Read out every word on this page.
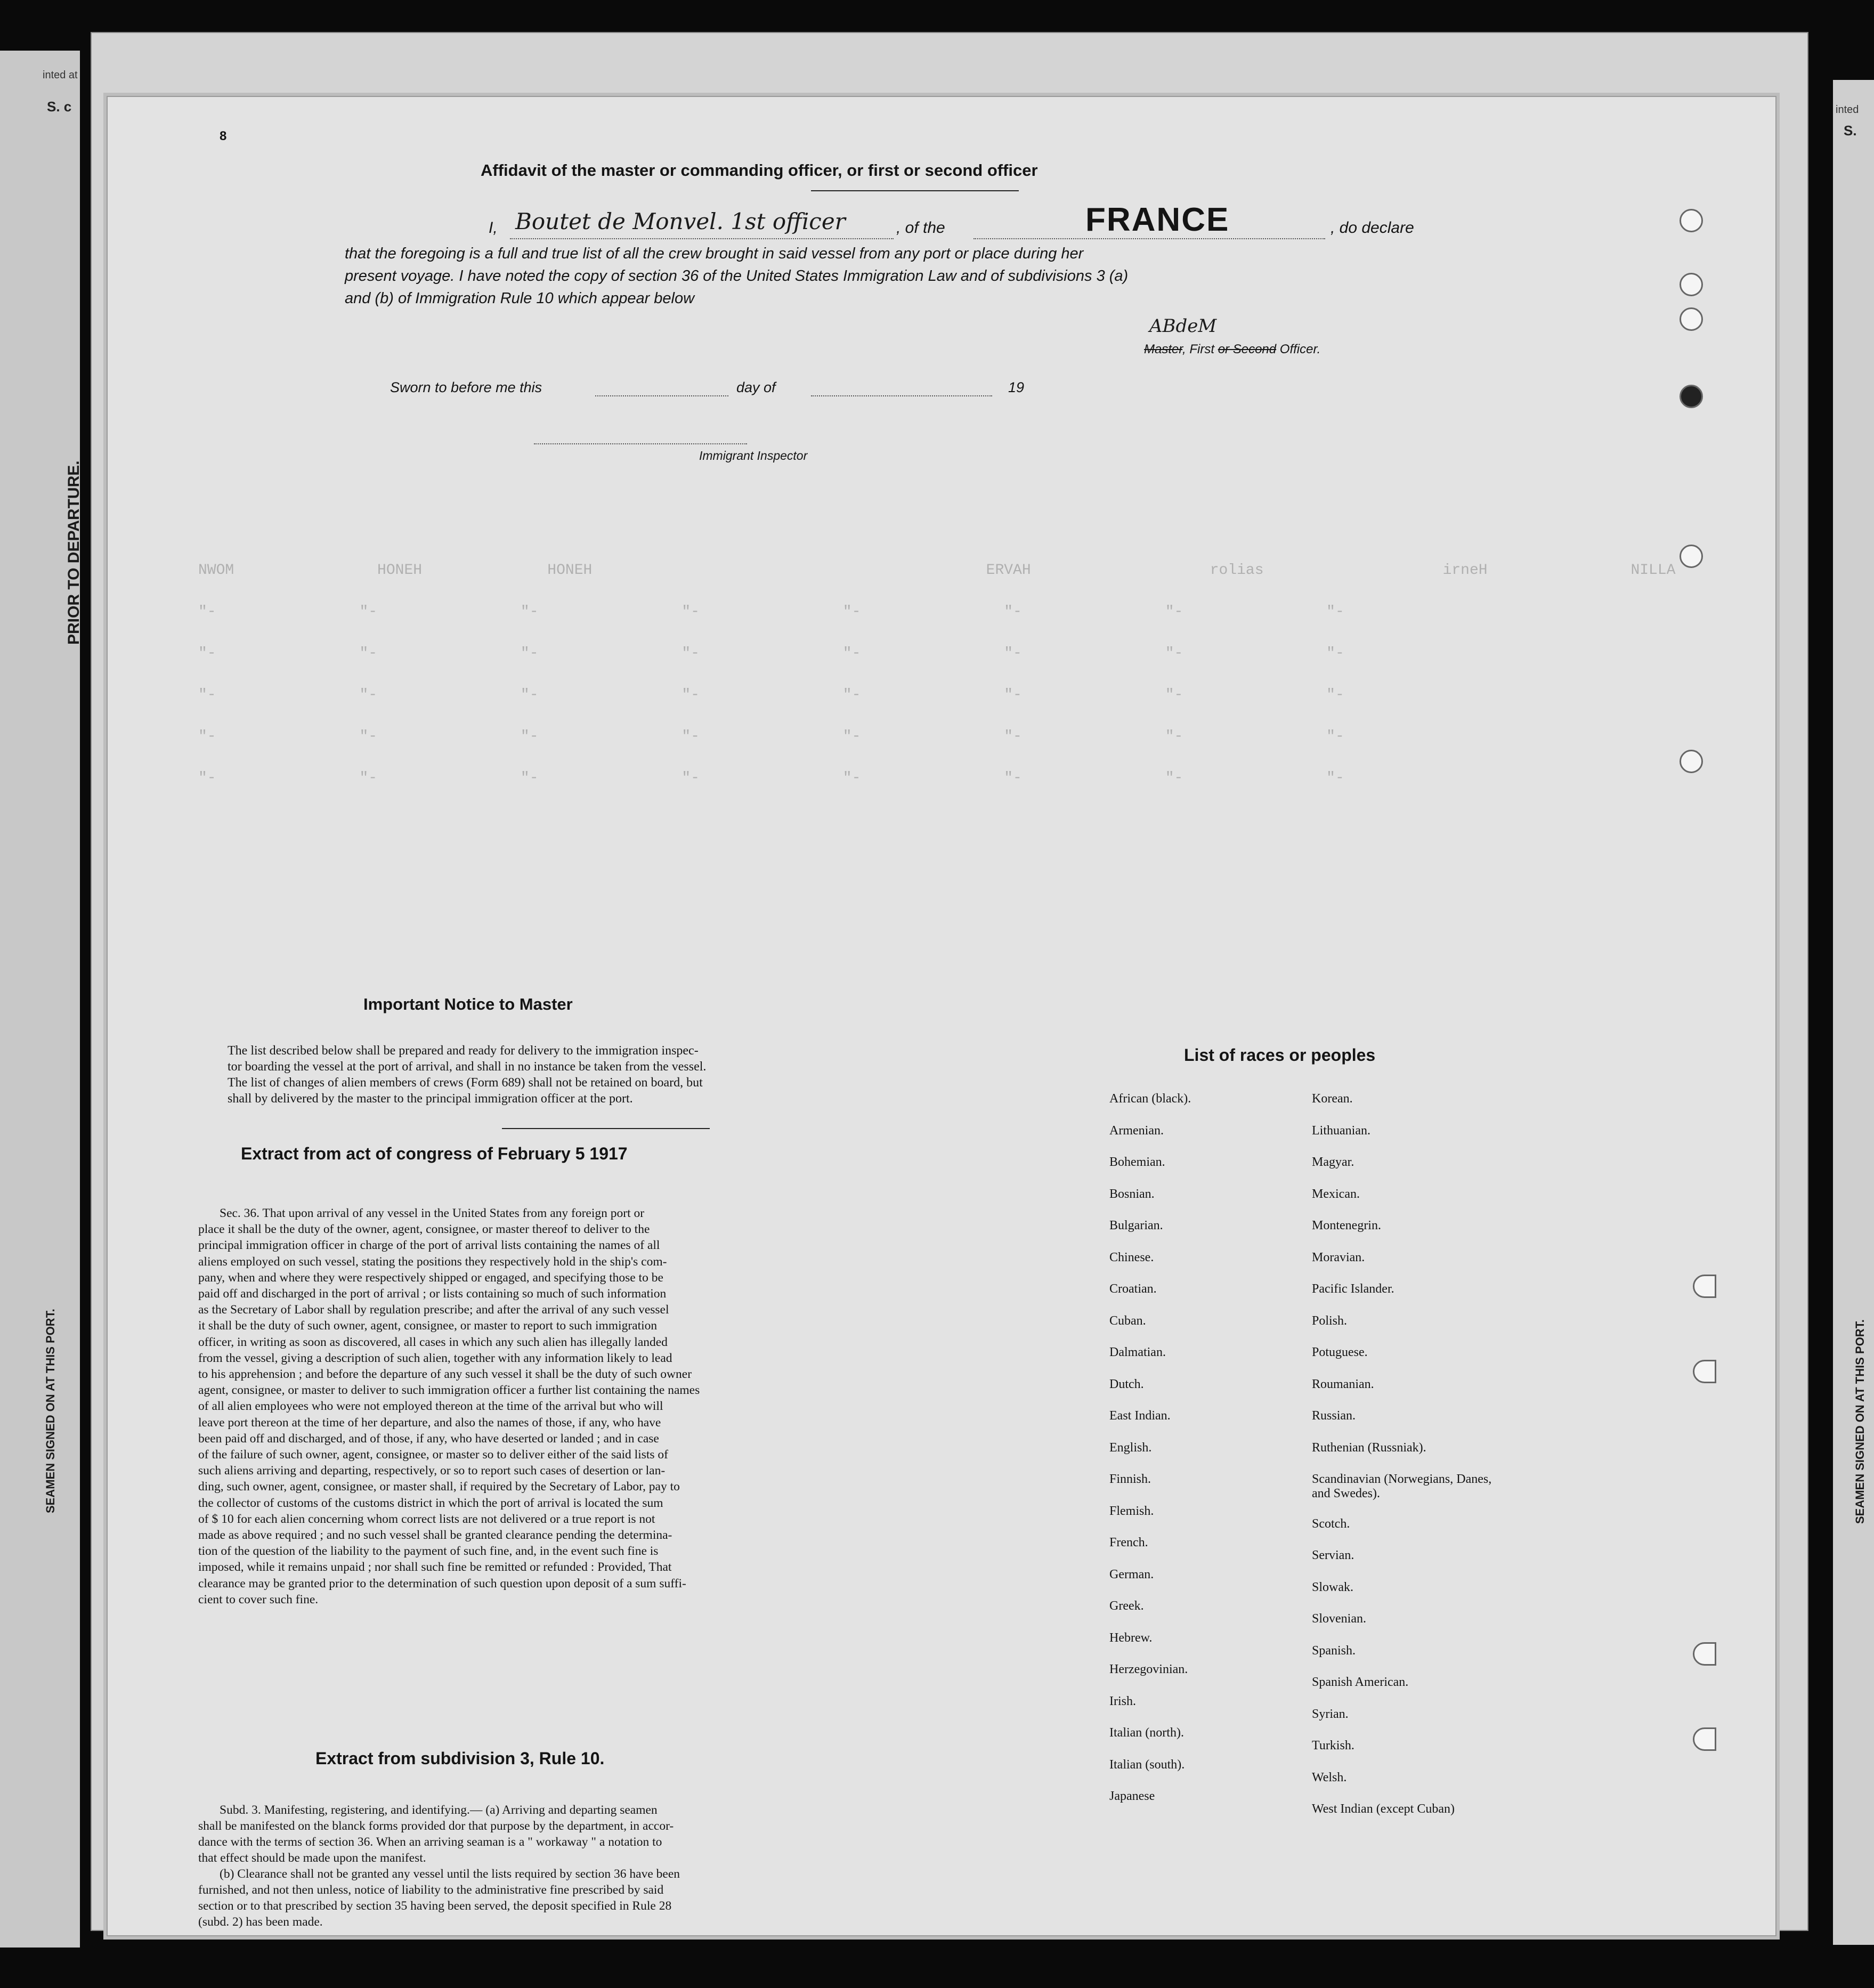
inted at
S. c	inted
S.
PRIOR TO DEPARTURE.
SEAMEN SIGNED ON AT THIS PORT.	SEAMEN SIGNED ON AT THIS PORT.
8
NWOM                HONEH              HONEH                                            ERVAH                    rolias                    irneH                NILLA
"-                "-                "-                "-                "-                "-                "-                "-
"-                "-                "-                "-                "-                "-                "-                "-
"-                "-                "-                "-                "-                "-                "-                "-
"-                "-                "-                "-                "-                "-                "-                "-
"-                "-                "-                "-                "-                "-                "-                "-
Affidavit of the master or commanding officer, or first or second officer
I, Boutet de Monvel. 1st officer	, of the	FRANCE	, do declare
that the foregoing is a full and true list of all the crew brought in said vessel from any port or place during her
present voyage. I have noted the copy of section 36 of the United States Immigration Law and of subdivisions 3 (a)
and (b) of Immigration Rule 10 which appear below
ABdeM
Master, First or Second Officer.
Sworn to before me this	day of	19
Immigrant Inspector
Important Notice to Master
The list described below shall be prepared and ready for delivery to the immigration inspec-
tor boarding the vessel at the port of arrival, and shall in no instance be taken from the vessel.
The list of changes of alien members of crews (Form 689) shall not be retained on board, but
shall by delivered by the master to the principal immigration officer at the port.
Extract from act of congress of February 5 1917
Sec. 36. That upon arrival of any vessel in the United States from any foreign port or
place it shall be the duty of the owner, agent, consignee, or master thereof to deliver to the
principal immigration officer in charge of the port of arrival lists containing the names of all
aliens employed on such vessel, stating the positions they respectively hold in the ship's com-
pany, when and where they were respectively shipped or engaged, and specifying those to be
paid off and discharged in the port of arrival ; or lists containing so much of such information
as the Secretary of Labor shall by regulation prescribe; and after the arrival of any such vessel
it shall be the duty of such owner, agent, consignee, or master to report to such immigration
officer, in writing as soon as discovered, all cases in which any such alien has illegally landed
from the vessel, giving a description of such alien, together with any information likely to lead
to his apprehension ; and before the departure of any such vessel it shall be the duty of such owner
agent, consignee, or master to deliver to such immigration officer a further list containing the names
of all alien employees who were not employed thereon at the time of the arrival but who will
leave port thereon at the time of her departure, and also the names of those, if any, who have
been paid off and discharged, and of those, if any, who have deserted or landed ; and in case
of the failure of such owner, agent, consignee, or master so to deliver either of the said lists of
such aliens arriving and departing, respectively, or so to report such cases of desertion or lan-
ding, such owner, agent, consignee, or master shall, if required by the Secretary of Labor, pay to
the collector of customs of the customs district in which the port of arrival is located the sum
of $ 10 for each alien concerning whom correct lists are not delivered or a true report is not
made as above required ; and no such vessel shall be granted clearance pending the determina-
tion of the question of the liability to the payment of such fine, and, in the event such fine is
imposed, while it remains unpaid ; nor shall such fine be remitted or refunded : Provided, That
clearance may be granted prior to the determination of such question upon deposit of a sum suffi-
cient to cover such fine.
Extract from subdivision 3, Rule 10.
Subd. 3. Manifesting, registering, and identifying.— (a) Arriving and departing seamen
shall be manifested on the blanck forms provided dor that purpose by the department, in accor-
dance with the terms of section 36. When an arriving seaman is a " workaway " a notation to
that effect should be made upon the manifest.
(b) Clearance shall not be granted any vessel until the lists required by section 36 have been
furnished, and not then unless, notice of liability to the administrative fine prescribed by said
section or to that prescribed by section 35 having been served, the deposit specified in Rule 28
(subd. 2) has been made.
List of races or peoples
African (black).
Armenian.
Bohemian.
Bosnian.
Bulgarian.
Chinese.
Croatian.
Cuban.
Dalmatian.
Dutch.
East Indian.
English.
Finnish.
Flemish.
French.
German.
Greek.
Hebrew.
Herzegovinian.
Irish.
Italian (north).
Italian (south).
Japanese
Korean.
Lithuanian.
Magyar.
Mexican.
Montenegrin.
Moravian.
Pacific Islander.
Polish.
Potuguese.
Roumanian.
Russian.
Ruthenian (Russniak).
Scandinavian (Norwegians, Danes, and Swedes).
Scotch.
Servian.
Slowak.
Slovenian.
Spanish.
Spanish American.
Syrian.
Turkish.
Welsh.
West Indian (except Cuban)
